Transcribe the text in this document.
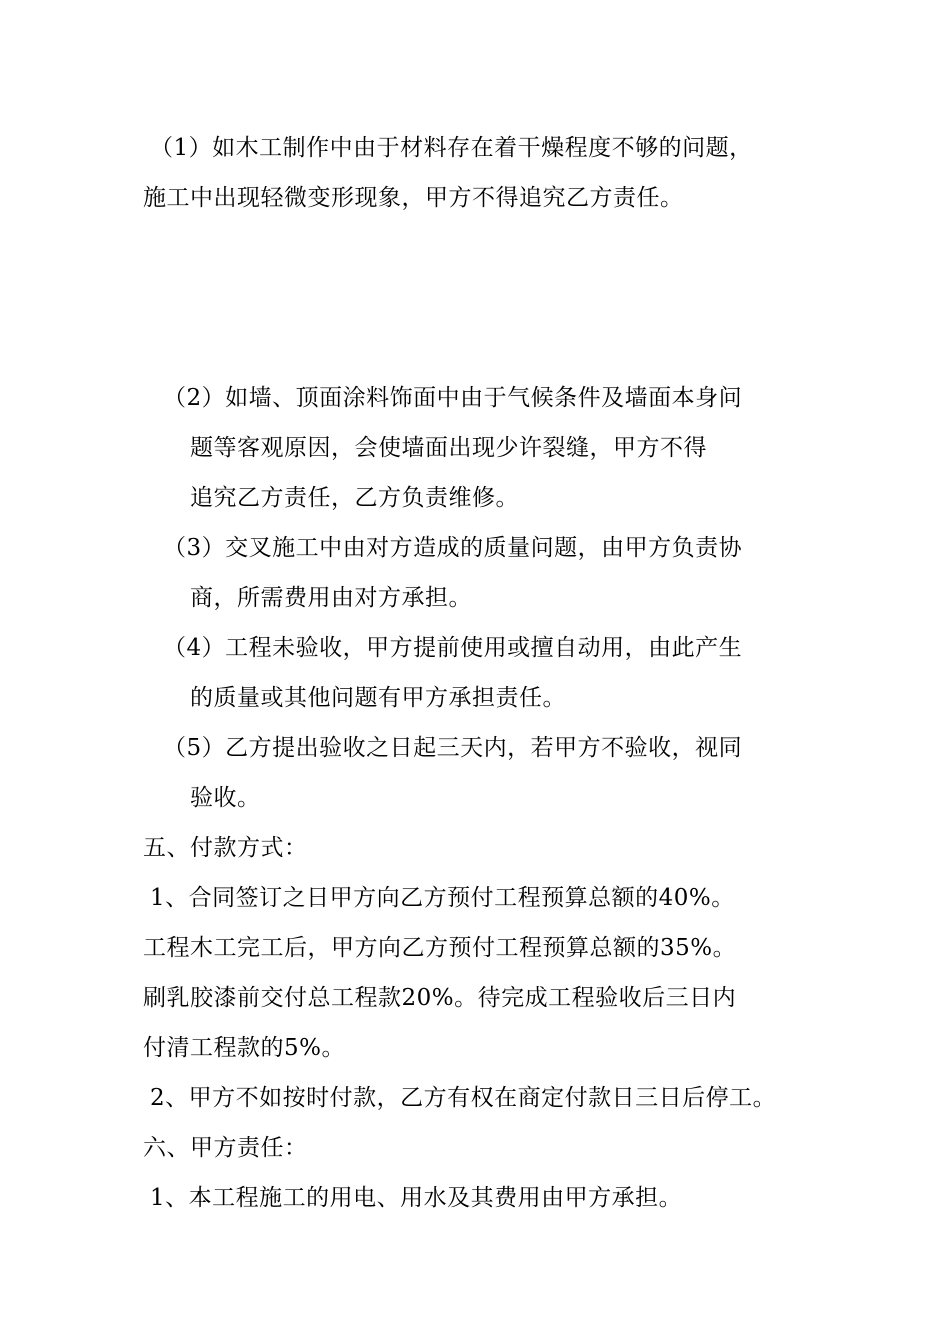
（1）如木工制作中由于材料存在着干燥程度不够的问题，
施工中出现轻微变形现象，甲方不得追究乙方责任。
（2）如墙、顶面涂料饰面中由于气候条件及墙面本身问
题等客观原因，会使墙面出现少许裂缝，甲方不得
追究乙方责任，乙方负责维修。
（3）交叉施工中由对方造成的质量问题，由甲方负责协
商，所需费用由对方承担。
（4）工程未验收，甲方提前使用或擅自动用，由此产生
的质量或其他问题有甲方承担责任。
（5）乙方提出验收之日起三天内，若甲方不验收，视同
验收。
五、付款方式：
1、合同签订之日甲方向乙方预付工程预算总额的40%。
工程木工完工后，甲方向乙方预付工程预算总额的35%。
刷乳胶漆前交付总工程款20%。待完成工程验收后三日内
付清工程款的5%。
2、甲方不如按时付款，乙方有权在商定付款日三日后停工。
六、甲方责任：
1、本工程施工的用电、用水及其费用由甲方承担。
